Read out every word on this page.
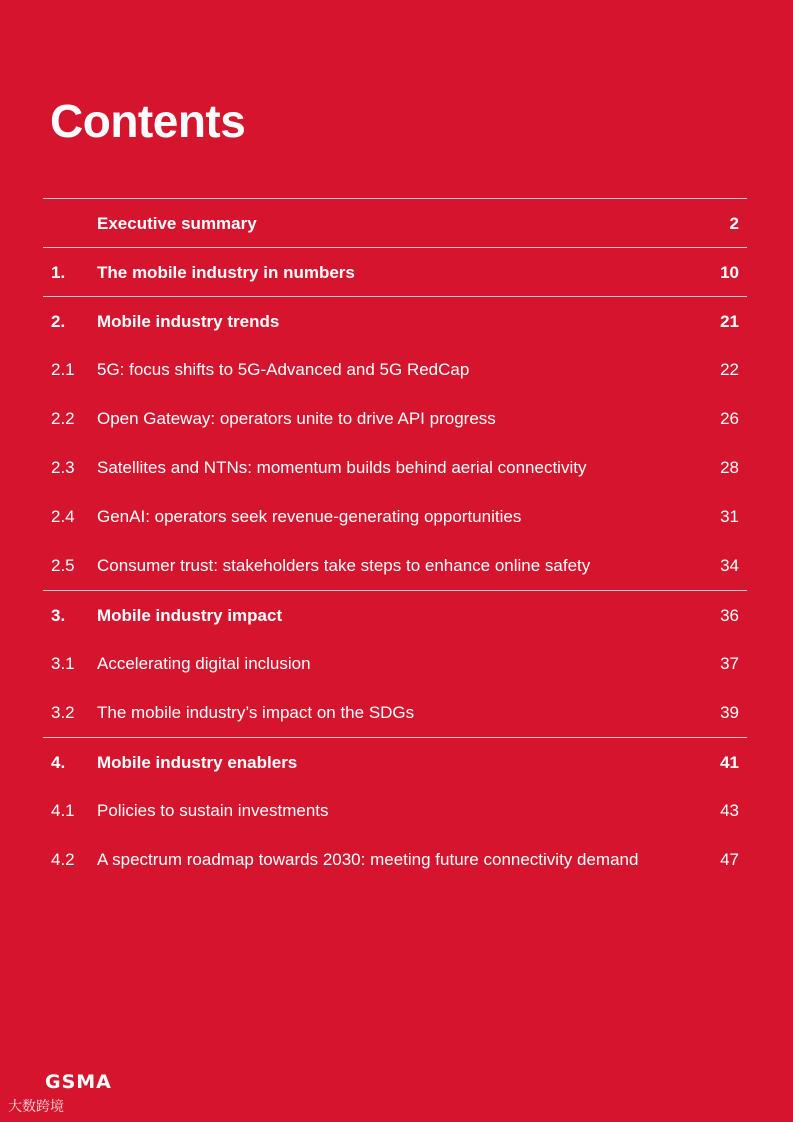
Contents
Executive summary	2
1.	The mobile industry in numbers	10
2.	Mobile industry trends	21
2.1	5G: focus shifts to 5G-Advanced and 5G RedCap	22
2.2	Open Gateway: operators unite to drive API progress	26
2.3	Satellites and NTNs: momentum builds behind aerial connectivity	28
2.4	GenAI: operators seek revenue-generating opportunities	31
2.5	Consumer trust: stakeholders take steps to enhance online safety	34
3.	Mobile industry impact	36
3.1	Accelerating digital inclusion	37
3.2	The mobile industry’s impact on the SDGs	39
4.	Mobile industry enablers	41
4.1	Policies to sustain investments	43
4.2	A spectrum roadmap towards 2030: meeting future connectivity demand	47
GSMA
大数跨境
